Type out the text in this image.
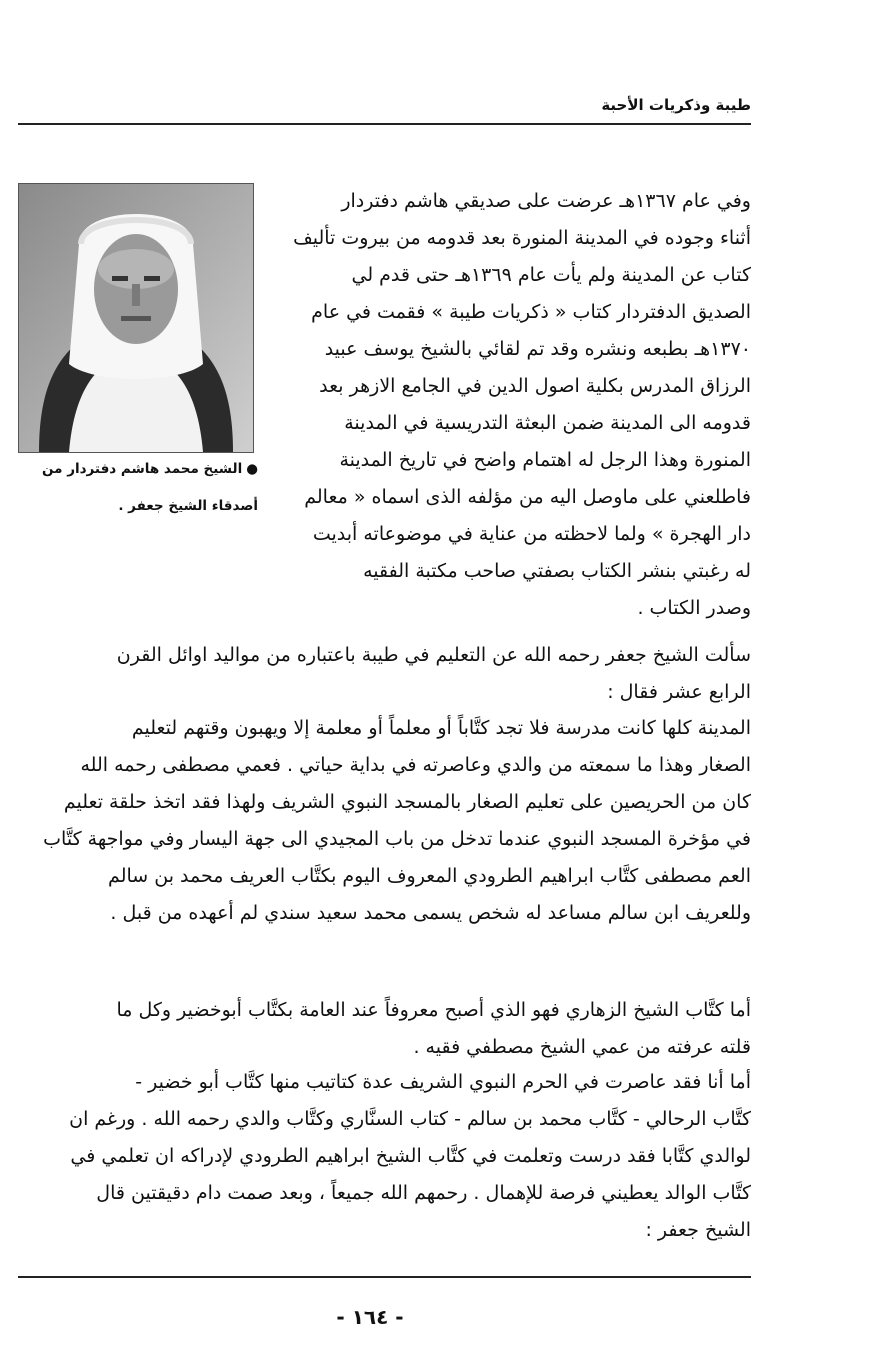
طيبة وذكريات الأحبة
●الشيخ محمد هاشم دفتردار من
أصدقاء الشيخ جعفر .
وفي عام ١٣٦٧هـ عرضت على صديقي هاشم دفتردار
أثناء وجوده في المدينة المنورة بعد قدومه من بيروت تأليف
كتاب عن المدينة ولم يأت عام ١٣٦٩هـ حتى قدم لي
الصديق الدفتردار كتاب « ذكريات طيبة » فقمت في عام
١٣٧٠هـ بطبعه ونشره وقد تم لقائي بالشيخ يوسف عبيد
الرزاق المدرس بكلية اصول الدين في الجامع الازهر بعد
قدومه الى المدينة ضمن البعثة التدريسية في المدينة
المنورة وهذا الرجل له اهتمام واضح في تاريخ المدينة
فاطلعني على ماوصل اليه من مؤلفه الذى اسماه « معالم
دار الهجرة » ولما لاحظته من عناية في موضوعاته أبديت
له رغبتي بنشر الكتاب بصفتي صاحب مكتبة الفقيه
وصدر الكتاب .
سألت الشيخ جعفر رحمه الله عن التعليم في طيبة باعتباره من مواليد اوائل القرن
الرابع عشر فقال :
المدينة كلها كانت مدرسة فلا تجد كتَّاباً أو معلماً أو معلمة إلا ويهبون وقتهم لتعليم
الصغار وهذا ما سمعته من والدي وعاصرته في بداية حياتي . فعمي مصطفى رحمه الله
كان من الحريصين على تعليم الصغار بالمسجد النبوي الشريف ولهذا فقد اتخذ حلقة تعليم
في مؤخرة المسجد النبوي عندما تدخل من باب المجيدي الى جهة اليسار وفي مواجهة كتَّاب
العم مصطفى كتَّاب ابراهيم الطرودي المعروف اليوم بكتَّاب العريف محمد بن سالم
وللعريف ابن سالم مساعد له شخص يسمى محمد سعيد سندي لم أعهده من قبل .
أما كتَّاب الشيخ الزهاري فهو الذي أصبح معروفاً عند العامة بكتَّاب أبوخضير وكل ما
قلته عرفته من عمي الشيخ مصطفي فقيه .
أما أنا فقد عاصرت في الحرم النبوي الشريف عدة كتاتيب منها كتَّاب أبو خضير -
كتَّاب الرحالي - كتَّاب محمد بن سالم - كتاب السنَّاري وكتَّاب والدي رحمه الله . ورغم ان
لوالدي كتَّابا فقد درست وتعلمت في كتَّاب الشيخ ابراهيم الطرودي لإدراكه ان تعلمي في
كتَّاب الوالد يعطيني فرصة للإهمال . رحمهم الله جميعاً ، وبعد صمت دام دقيقتين قال
الشيخ جعفر :
- ١٦٤ -
